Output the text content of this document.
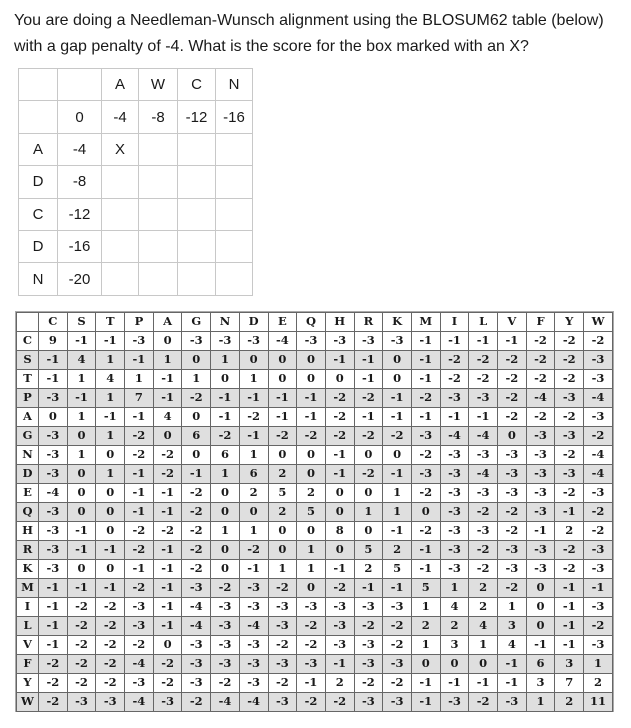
You are doing a Needleman-Wunsch alignment using the BLOSUM62 table (below)

with a gap penalty of -4. What is the score for the box marked with an X?

		A	W	C	N
	0	-4	-8	-12	-16
A	-4	X			
D	-8				
C	-12				
D	-16				
N	-20				
	C	S	T	P	A	G	N	D	E	Q	H	R	K	M	I	L	V	F	Y	W
C	9	-1	-1	-3	0	-3	-3	-3	-4	-3	-3	-3	-3	-1	-1	-1	-1	-2	-2	-2
S	-1	4	1	-1	1	0	1	0	0	0	-1	-1	0	-1	-2	-2	-2	-2	-2	-3
T	-1	1	4	1	-1	1	0	1	0	0	0	-1	0	-1	-2	-2	-2	-2	-2	-3
P	-3	-1	1	7	-1	-2	-1	-1	-1	-1	-2	-2	-1	-2	-3	-3	-2	-4	-3	-4
A	0	1	-1	-1	4	0	-1	-2	-1	-1	-2	-1	-1	-1	-1	-1	-2	-2	-2	-3
G	-3	0	1	-2	0	6	-2	-1	-2	-2	-2	-2	-2	-3	-4	-4	0	-3	-3	-2
N	-3	1	0	-2	-2	0	6	1	0	0	-1	0	0	-2	-3	-3	-3	-3	-2	-4
D	-3	0	1	-1	-2	-1	1	6	2	0	-1	-2	-1	-3	-3	-4	-3	-3	-3	-4
E	-4	0	0	-1	-1	-2	0	2	5	2	0	0	1	-2	-3	-3	-3	-3	-2	-3
Q	-3	0	0	-1	-1	-2	0	0	2	5	0	1	1	0	-3	-2	-2	-3	-1	-2
H	-3	-1	0	-2	-2	-2	1	1	0	0	8	0	-1	-2	-3	-3	-2	-1	2	-2
R	-3	-1	-1	-2	-1	-2	0	-2	0	1	0	5	2	-1	-3	-2	-3	-3	-2	-3
K	-3	0	0	-1	-1	-2	0	-1	1	1	-1	2	5	-1	-3	-2	-3	-3	-2	-3
M	-1	-1	-1	-2	-1	-3	-2	-3	-2	0	-2	-1	-1	5	1	2	-2	0	-1	-1
I	-1	-2	-2	-3	-1	-4	-3	-3	-3	-3	-3	-3	-3	1	4	2	1	0	-1	-3
L	-1	-2	-2	-3	-1	-4	-3	-4	-3	-2	-3	-2	-2	2	2	4	3	0	-1	-2
V	-1	-2	-2	-2	0	-3	-3	-3	-2	-2	-3	-3	-2	1	3	1	4	-1	-1	-3
F	-2	-2	-2	-4	-2	-3	-3	-3	-3	-3	-1	-3	-3	0	0	0	-1	6	3	1
Y	-2	-2	-2	-3	-2	-3	-2	-3	-2	-1	2	-2	-2	-1	-1	-1	-1	3	7	2
W	-2	-3	-3	-4	-3	-2	-4	-4	-3	-2	-2	-3	-3	-1	-3	-2	-3	1	2	11
